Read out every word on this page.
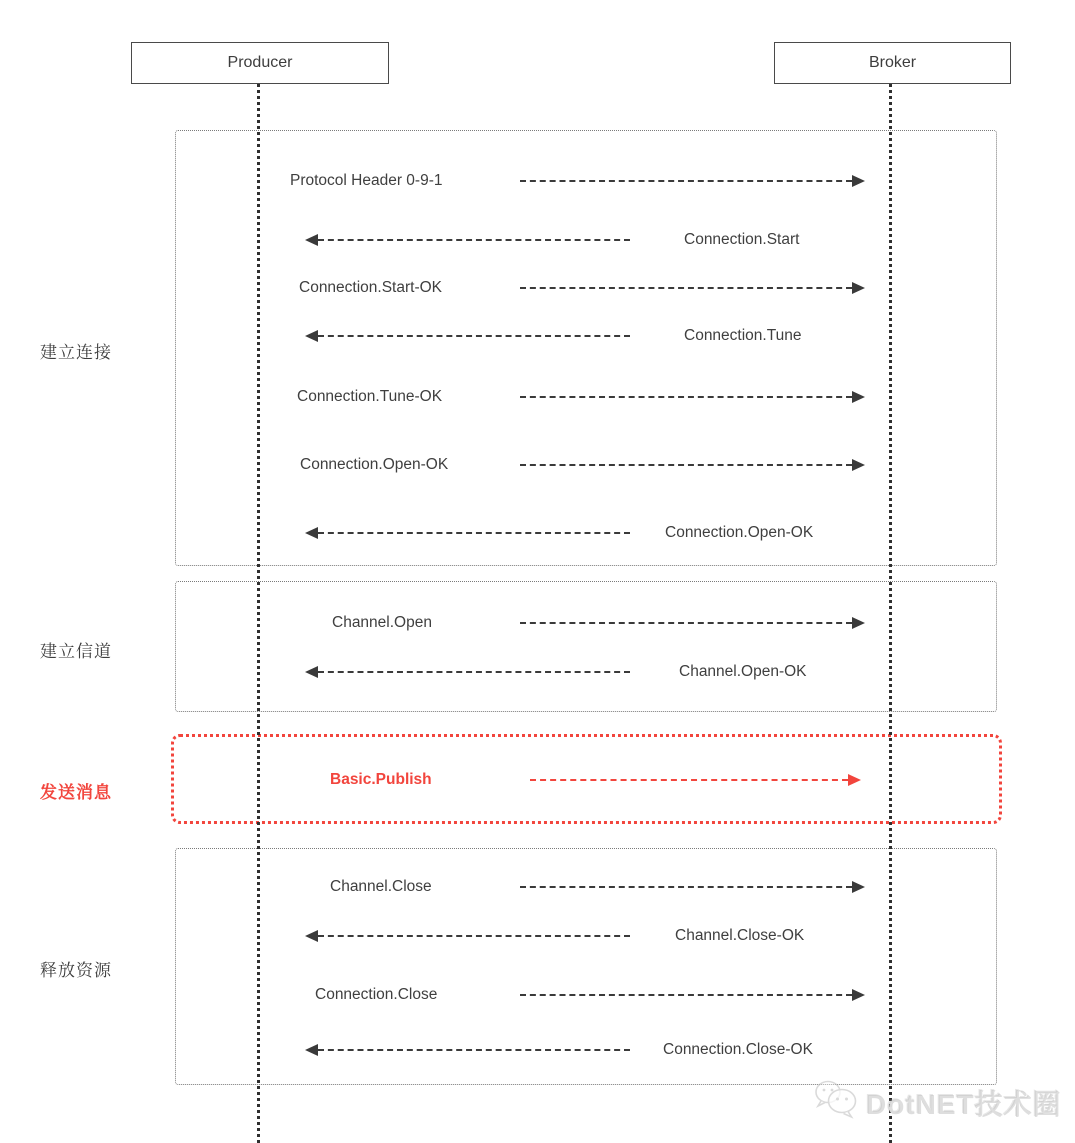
Producer	Broker
建立连接
建立信道
发送消息
释放资源
Protocol Header 0-9-1
Connection.Start
Connection.Start-OK
Connection.Tune
Connection.Tune-OK
Connection.Open-OK
Connection.Open-OK
Channel.Open
Channel.Open-OK
Basic.Publish
Channel.Close
Channel.Close-OK
Connection.Close
Connection.Close-OK
DotNET技术圈
